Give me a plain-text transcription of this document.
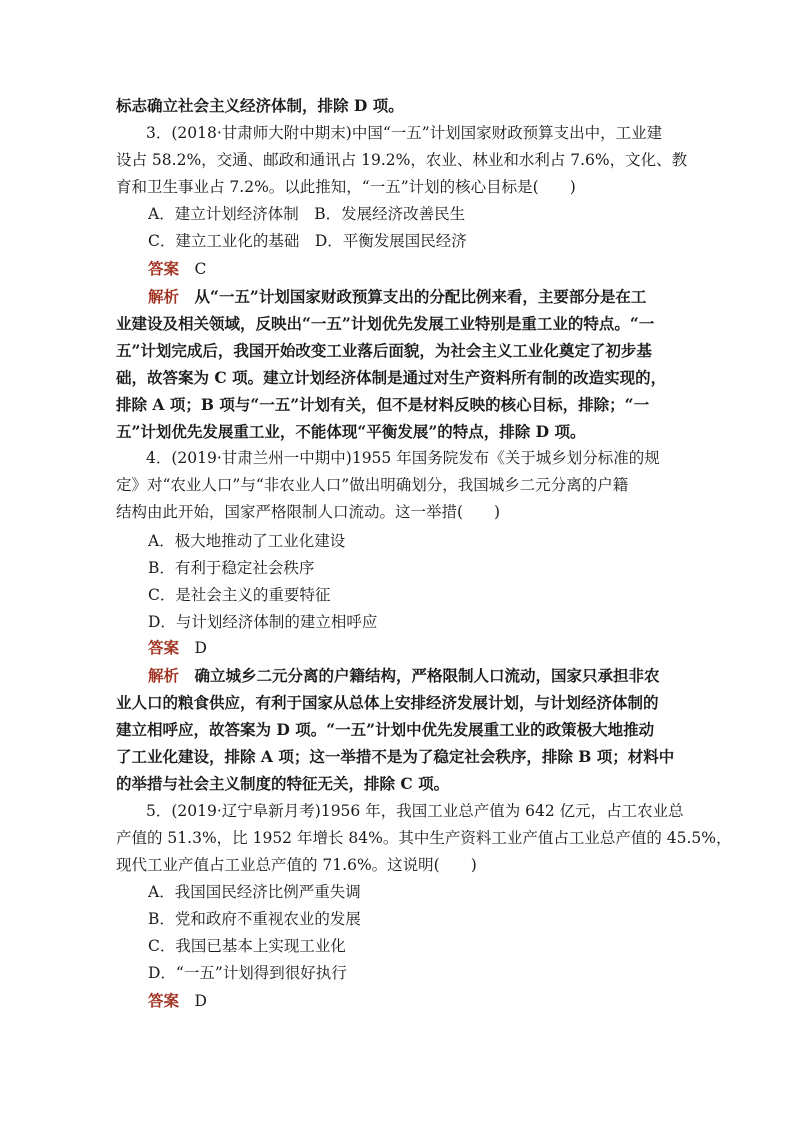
标志确立社会主义经济体制，排除 D 项。
3．(2018·甘肃师大附中期末)中国“一五”计划国家财政预算支出中，工业建
设占 58.2%，交通、邮政和通讯占 19.2%，农业、林业和水利占 7.6%，文化、教
育和卫生事业占 7.2%。以此推知，“一五”计划的核心目标是(　　)
A．建立计划经济体制　B．发展经济改善民生
C．建立工业化的基础　D．平衡发展国民经济
答案　C
解析　从“一五”计划国家财政预算支出的分配比例来看，主要部分是在工
业建设及相关领域，反映出“一五”计划优先发展工业特别是重工业的特点。“一
五”计划完成后，我国开始改变工业落后面貌，为社会主义工业化奠定了初步基
础，故答案为 C 项。建立计划经济体制是通过对生产资料所有制的改造实现的，
排除 A 项；B 项与“一五”计划有关，但不是材料反映的核心目标，排除；“一
五”计划优先发展重工业，不能体现“平衡发展”的特点，排除 D 项。
4．(2019·甘肃兰州一中期中)1955 年国务院发布《关于城乡划分标准的规
定》对“农业人口”与“非农业人口”做出明确划分，我国城乡二元分离的户籍
结构由此开始，国家严格限制人口流动。这一举措(　　)
A．极大地推动了工业化建设
B．有利于稳定社会秩序
C．是社会主义的重要特征
D．与计划经济体制的建立相呼应
答案　D
解析　确立城乡二元分离的户籍结构，严格限制人口流动，国家只承担非农
业人口的粮食供应，有利于国家从总体上安排经济发展计划，与计划经济体制的
建立相呼应，故答案为 D 项。“一五”计划中优先发展重工业的政策极大地推动
了工业化建设，排除 A 项；这一举措不是为了稳定社会秩序，排除 B 项；材料中
的举措与社会主义制度的特征无关，排除 C 项。
5．(2019·辽宁阜新月考)1956 年，我国工业总产值为 642 亿元，占工农业总
产值的 51.3%，比 1952 年增长 84%。其中生产资料工业产值占工业总产值的 45.5%，
现代工业产值占工业总产值的 71.6%。这说明(　　)
A．我国国民经济比例严重失调
B．党和政府不重视农业的发展
C．我国已基本上实现工业化
D．“一五”计划得到很好执行
答案　D
